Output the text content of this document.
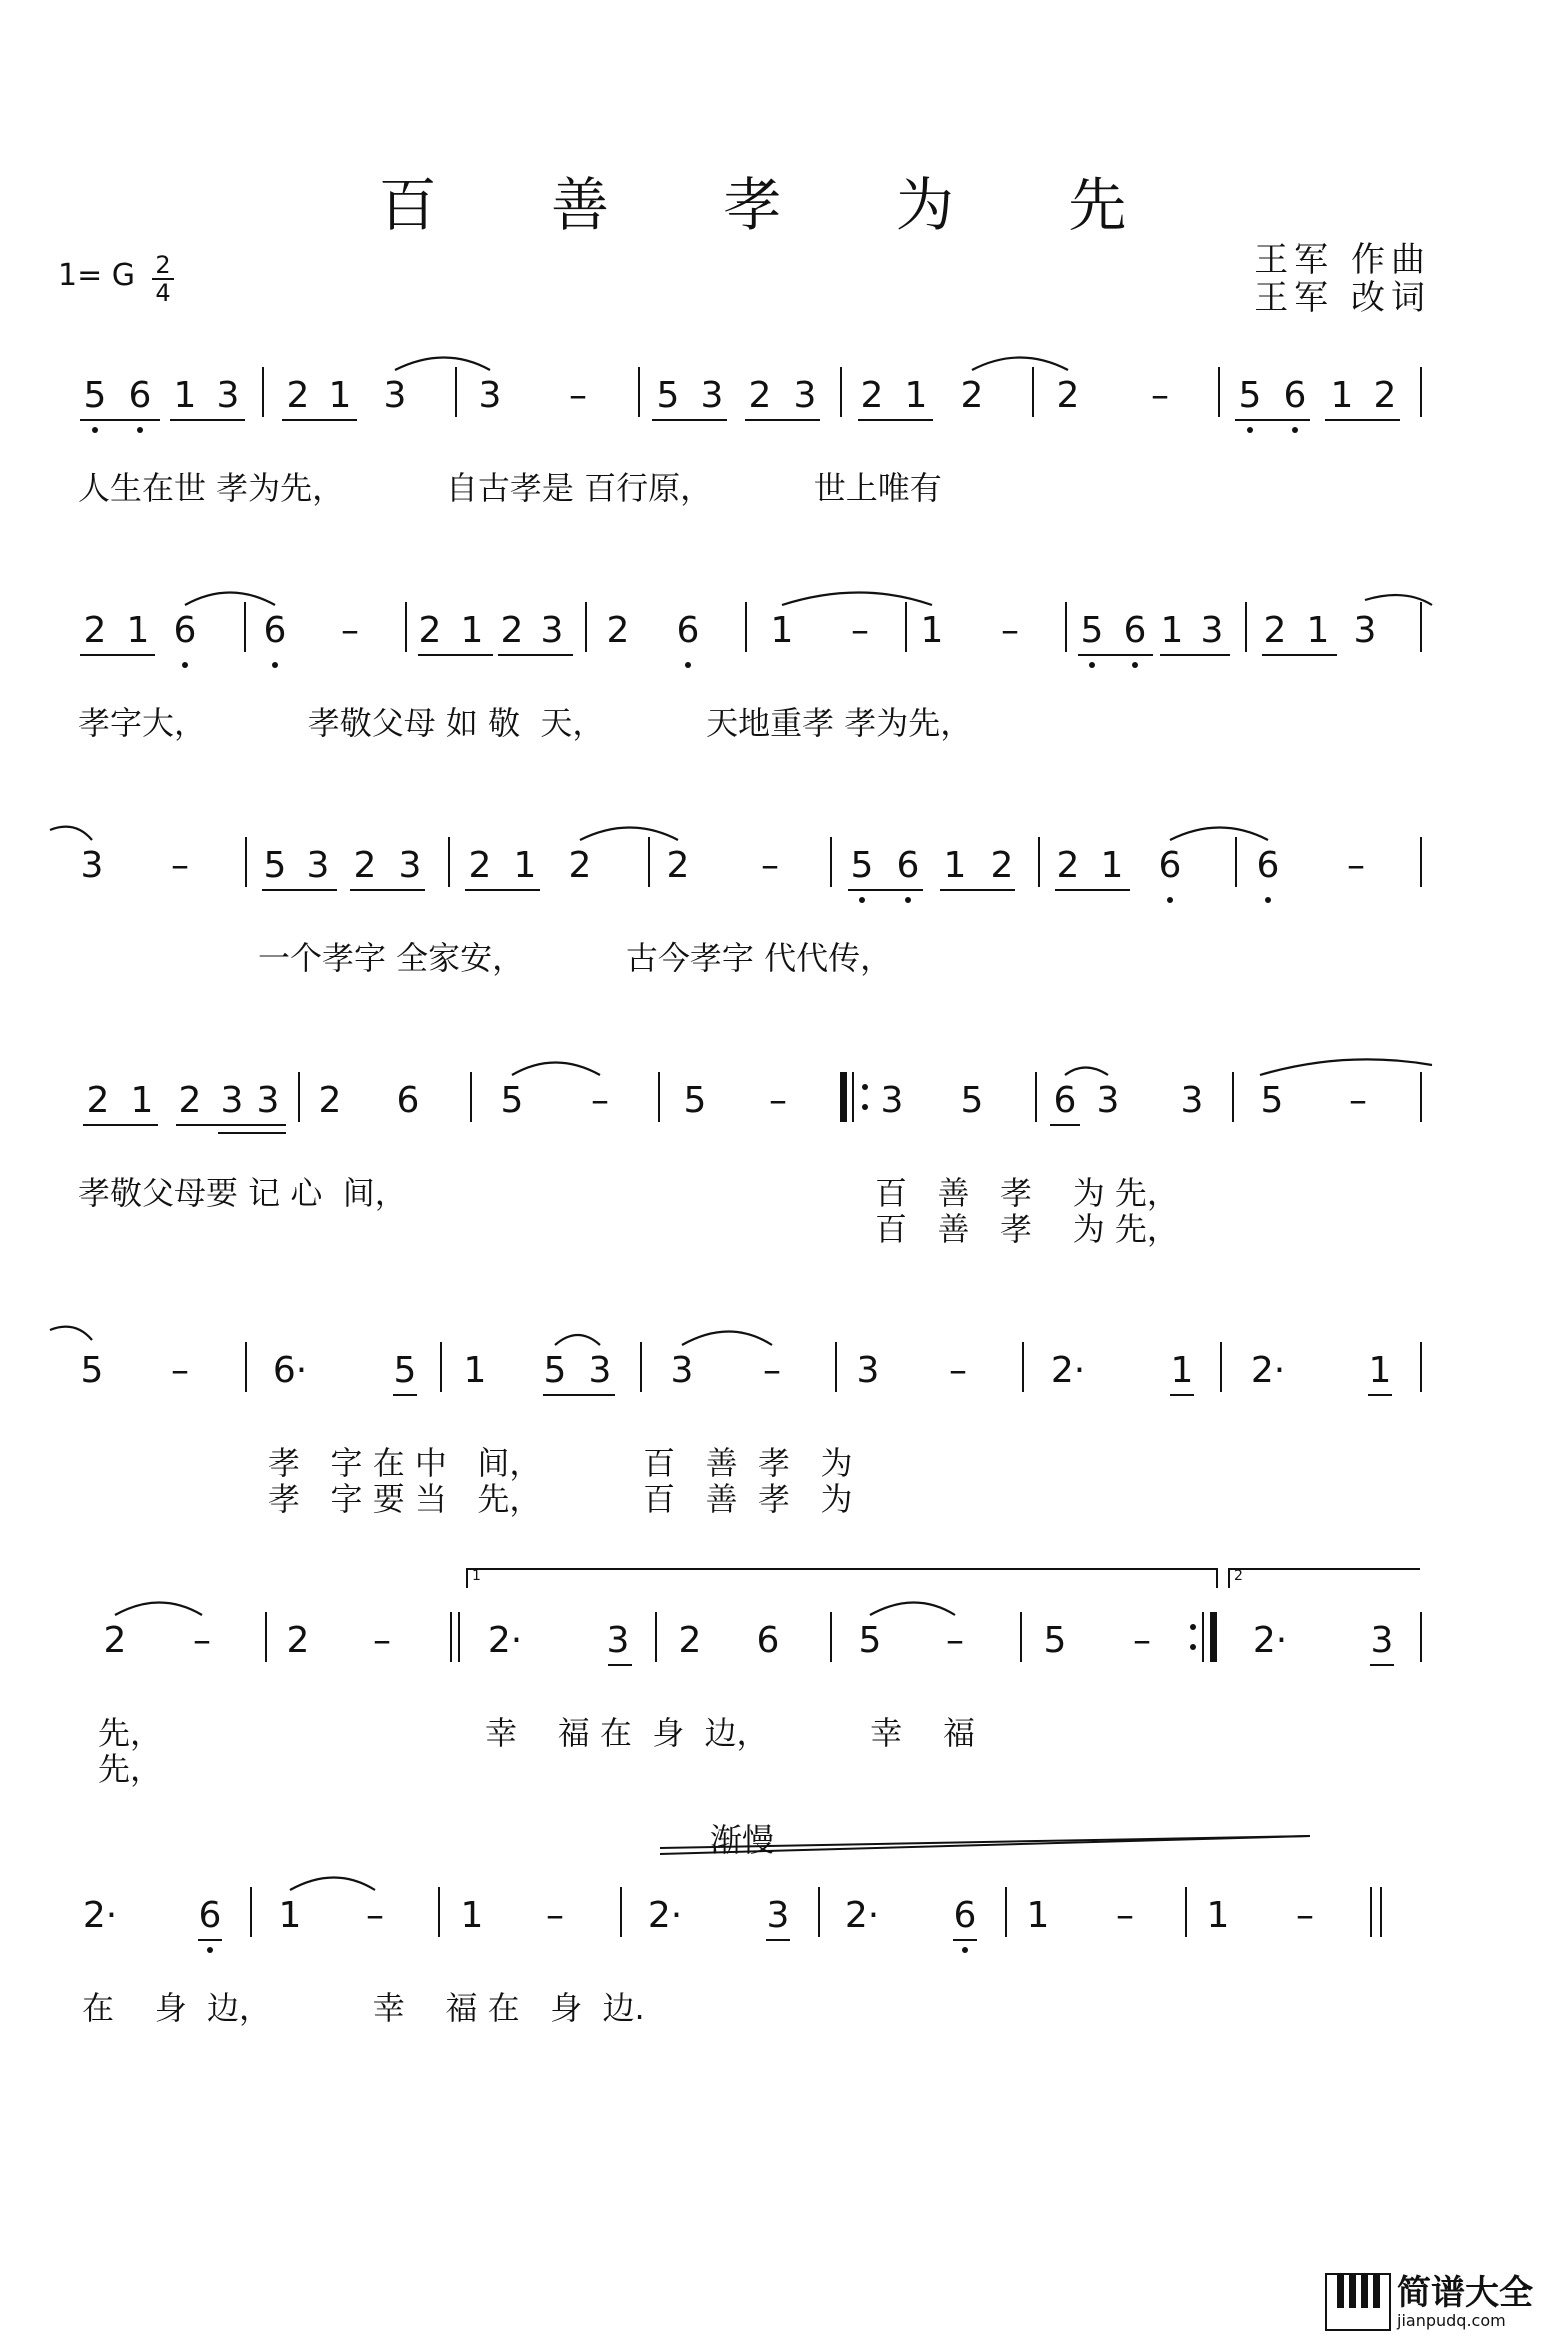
百 善 孝 为 先
1= G 2
4
王军 作曲
王军 改词
5 6 1 3 2 1 3 3 – 5 3 2 3 2 1 2 2 – 5 6 1 2
人生在世 孝为先，          自古孝是 百行原，          世上唯有
2 1 6 6 – 2 1 2 3 2 6 1 – 1 – 5 6 1 3 2 1 3
孝字大，          孝敬父母 如 敬  天，          天地重孝 孝为先，
3 – 5 3 2 3 2 1 2 2 – 5 6 1 2 2 1 6 6 –
一个孝字 全家安，          古今孝字 代代传，
2 1 2 3 3 2 6 5 – 5 –	3 5 6 3 3 5 –
孝敬父母要 记 心  间，	百   善   孝    为 先，
百   善   孝    为 先，
5 – 6· 5 1 5 3 3 – 3 – 2· 1 2· 1
孝   字 在 中   间，          百   善  孝   为
孝   字 要 当   先，          百   善  孝   为
1	2
2 – 2 –	2· 3 2 6 5 – 5 –	2· 3
先，
先，
幸    福 在  身  边，          幸    福
渐慢
2· 6 1 – 1 – 2· 3 2· 6 1 – 1 –
在    身  边，          幸    福 在   身  边.
简谱大全
jianpudq.com
